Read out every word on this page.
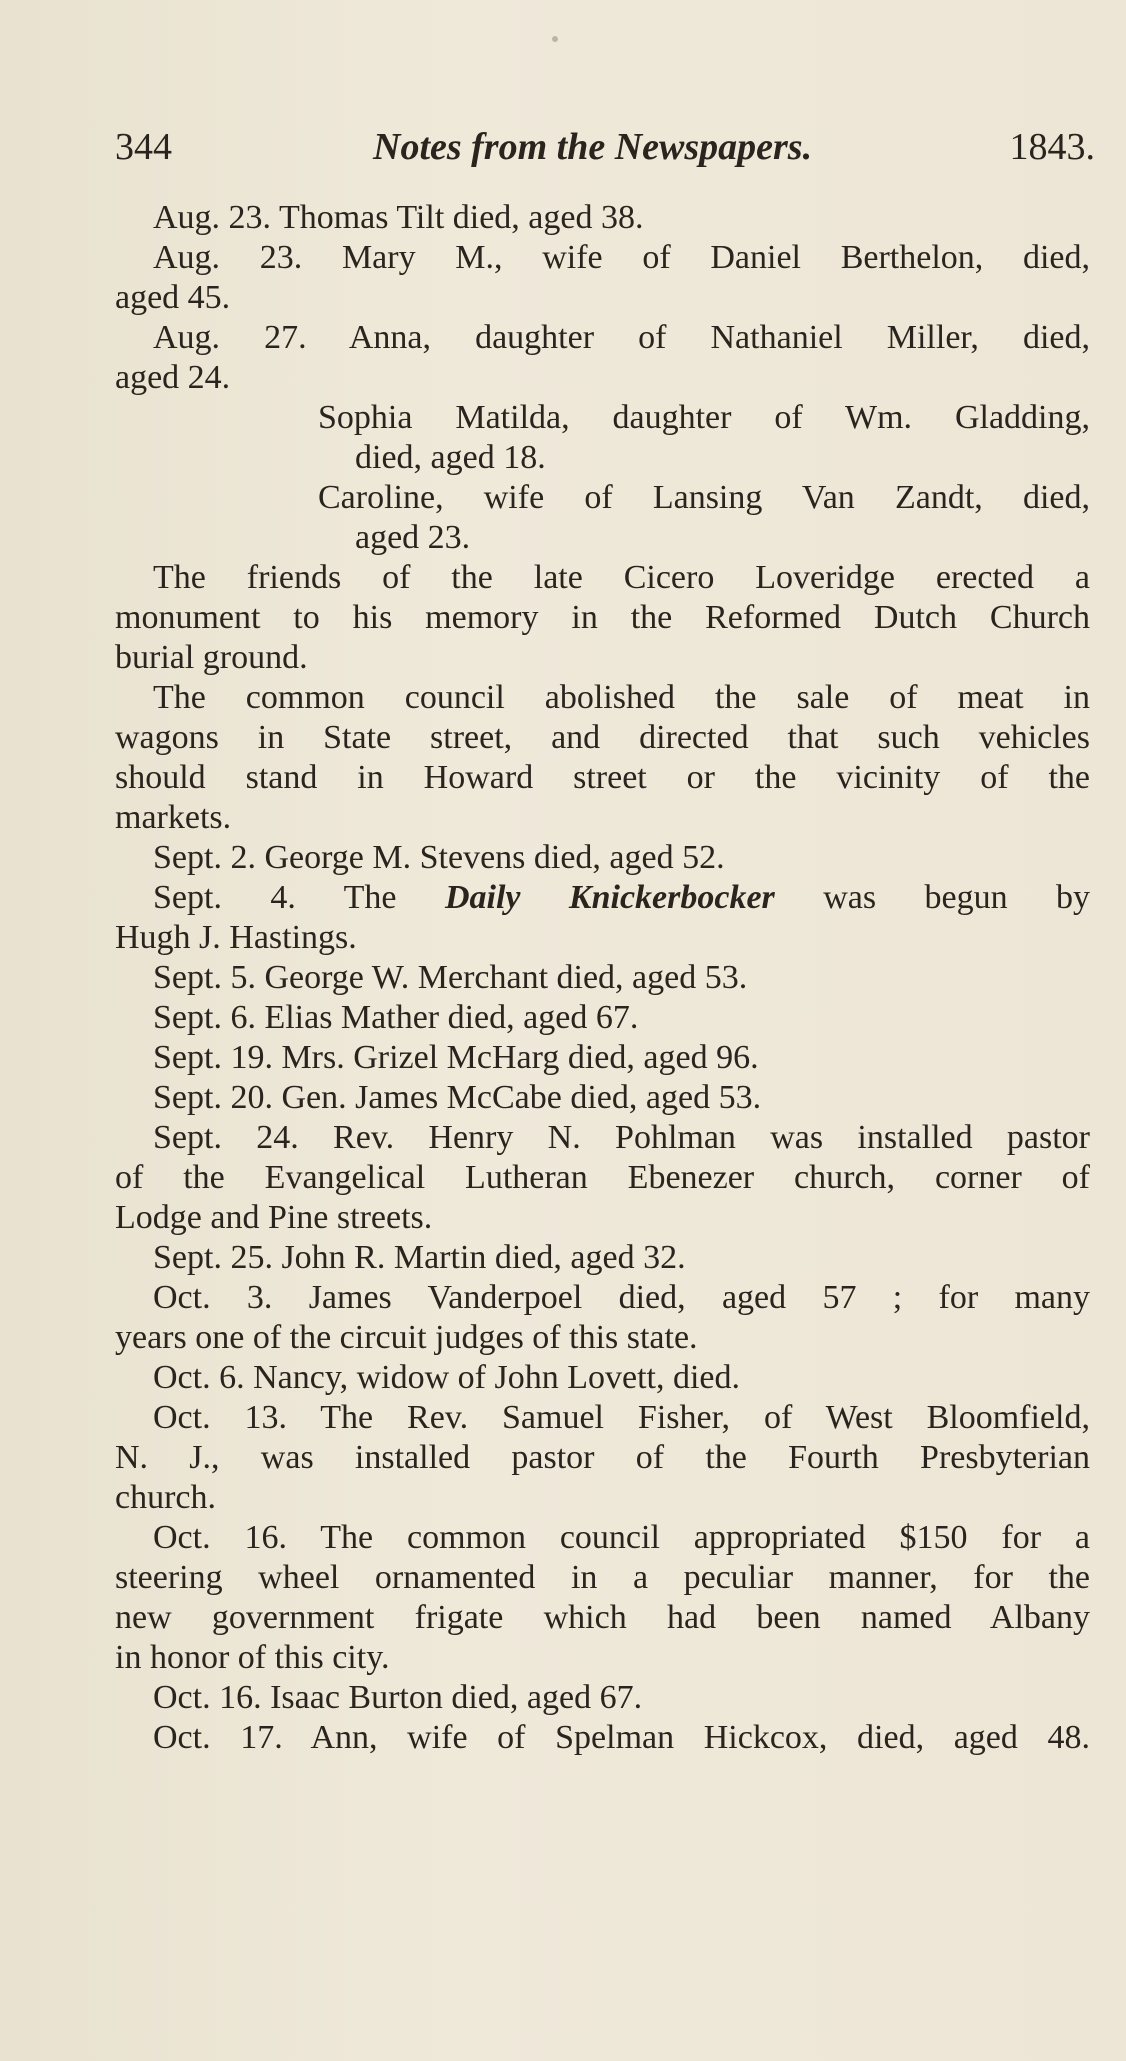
344	Notes from the Newspapers.	1843.
Aug. 23. Thomas Tilt died, aged 38.
Aug. 23. Mary M., wife of Daniel Berthelon, died,
aged 45.
Aug. 27. Anna, daughter of Nathaniel Miller, died,
aged 24.
Sophia Matilda, daughter of Wm. Gladding,
died, aged 18.
Caroline, wife of Lansing Van Zandt, died,
aged 23.
The friends of the late Cicero Loveridge erected a
monument to his memory in the Reformed Dutch Church
burial ground.
The common council abolished the sale of meat in
wagons in State street, and directed that such vehicles
should stand in Howard street or the vicinity of the
markets.
Sept. 2. George M. Stevens died, aged 52.
Sept. 4. The Daily Knickerbocker was begun by
Hugh J. Hastings.
Sept. 5. George W. Merchant died, aged 53.
Sept. 6. Elias Mather died, aged 67.
Sept. 19. Mrs. Grizel McHarg died, aged 96.
Sept. 20. Gen. James McCabe died, aged 53.
Sept. 24. Rev. Henry N. Pohlman was installed pastor
of the Evangelical Lutheran Ebenezer church, corner of
Lodge and Pine streets.
Sept. 25. John R. Martin died, aged 32.
Oct. 3. James Vanderpoel died, aged 57 ; for many
years one of the circuit judges of this state.
Oct. 6. Nancy, widow of John Lovett, died.
Oct. 13. The Rev. Samuel Fisher, of West Bloomfield,
N. J., was installed pastor of the Fourth Presbyterian
church.
Oct. 16. The common council appropriated $150 for a
steering wheel ornamented in a peculiar manner, for the
new government frigate which had been named Albany
in honor of this city.
Oct. 16. Isaac Burton died, aged 67.
Oct. 17. Ann, wife of Spelman Hickcox, died, aged 48.
